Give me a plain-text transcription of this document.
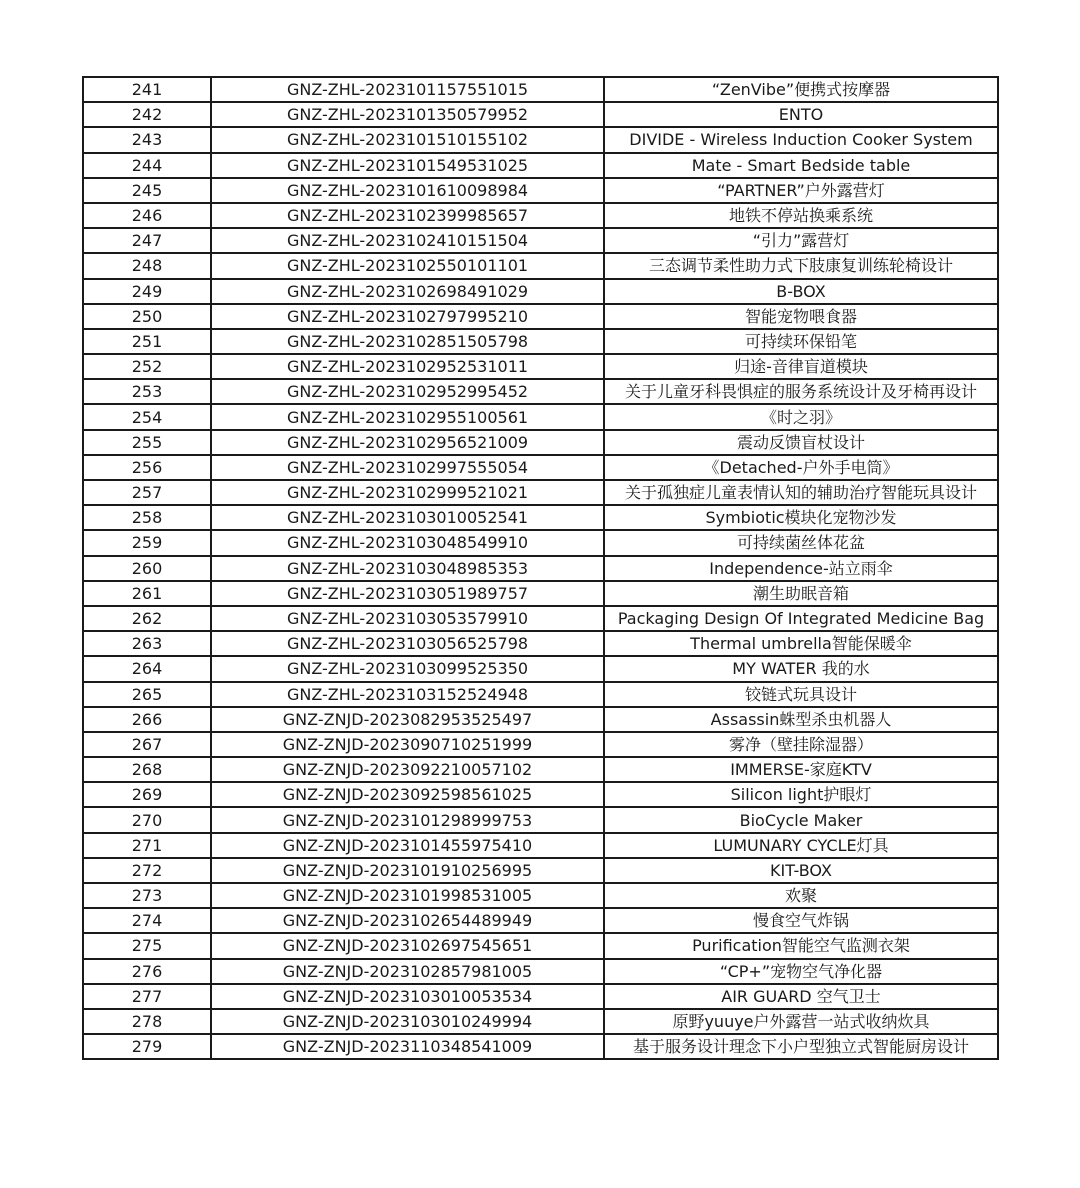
241	GNZ-ZHL-2023101157551015	“ZenVibe”便携式按摩器

242	GNZ-ZHL-2023101350579952	ENTO

243	GNZ-ZHL-2023101510155102	DIVIDE - Wireless Induction Cooker System

244	GNZ-ZHL-2023101549531025	Mate - Smart Bedside table

245	GNZ-ZHL-2023101610098984	“PARTNER”户外露营灯

246	GNZ-ZHL-2023102399985657	地铁不停站换乘系统

247	GNZ-ZHL-2023102410151504	“引力”露营灯

248	GNZ-ZHL-2023102550101101	三态调节柔性助力式下肢康复训练轮椅设计

249	GNZ-ZHL-2023102698491029	B-BOX

250	GNZ-ZHL-2023102797995210	智能宠物喂食器

251	GNZ-ZHL-2023102851505798	可持续环保铅笔

252	GNZ-ZHL-2023102952531011	归途-音律盲道模块

253	GNZ-ZHL-2023102952995452	关于儿童牙科畏惧症的服务系统设计及牙椅再设计

254	GNZ-ZHL-2023102955100561	《时之羽》

255	GNZ-ZHL-2023102956521009	震动反馈盲杖设计

256	GNZ-ZHL-2023102997555054	《Detached-户外手电筒》

257	GNZ-ZHL-2023102999521021	关于孤独症儿童表情认知的辅助治疗智能玩具设计

258	GNZ-ZHL-2023103010052541	Symbiotic模块化宠物沙发

259	GNZ-ZHL-2023103048549910	可持续菌丝体花盆

260	GNZ-ZHL-2023103048985353	Independence-站立雨伞

261	GNZ-ZHL-2023103051989757	潮生助眠音箱

262	GNZ-ZHL-2023103053579910	Packaging Design Of Integrated Medicine Bag

263	GNZ-ZHL-2023103056525798	Thermal umbrella智能保暖伞

264	GNZ-ZHL-2023103099525350	MY WATER 我的水

265	GNZ-ZHL-2023103152524948	铰链式玩具设计

266	GNZ-ZNJD-2023082953525497	Assassin蛛型杀虫机器人

267	GNZ-ZNJD-2023090710251999	雾净（壁挂除湿器）

268	GNZ-ZNJD-2023092210057102	IMMERSE-家庭KTV

269	GNZ-ZNJD-2023092598561025	Silicon light护眼灯

270	GNZ-ZNJD-2023101298999753	BioCycle Maker

271	GNZ-ZNJD-2023101455975410	LUMUNARY CYCLE灯具

272	GNZ-ZNJD-2023101910256995	KIT-BOX

273	GNZ-ZNJD-2023101998531005	欢聚

274	GNZ-ZNJD-2023102654489949	慢食空气炸锅

275	GNZ-ZNJD-2023102697545651	Purification智能空气监测衣架

276	GNZ-ZNJD-2023102857981005	“CP+”宠物空气净化器

277	GNZ-ZNJD-2023103010053534	AIR GUARD 空气卫士

278	GNZ-ZNJD-2023103010249994	原野yuuye户外露营一站式收纳炊具

279	GNZ-ZNJD-2023110348541009	基于服务设计理念下小户型独立式智能厨房设计
